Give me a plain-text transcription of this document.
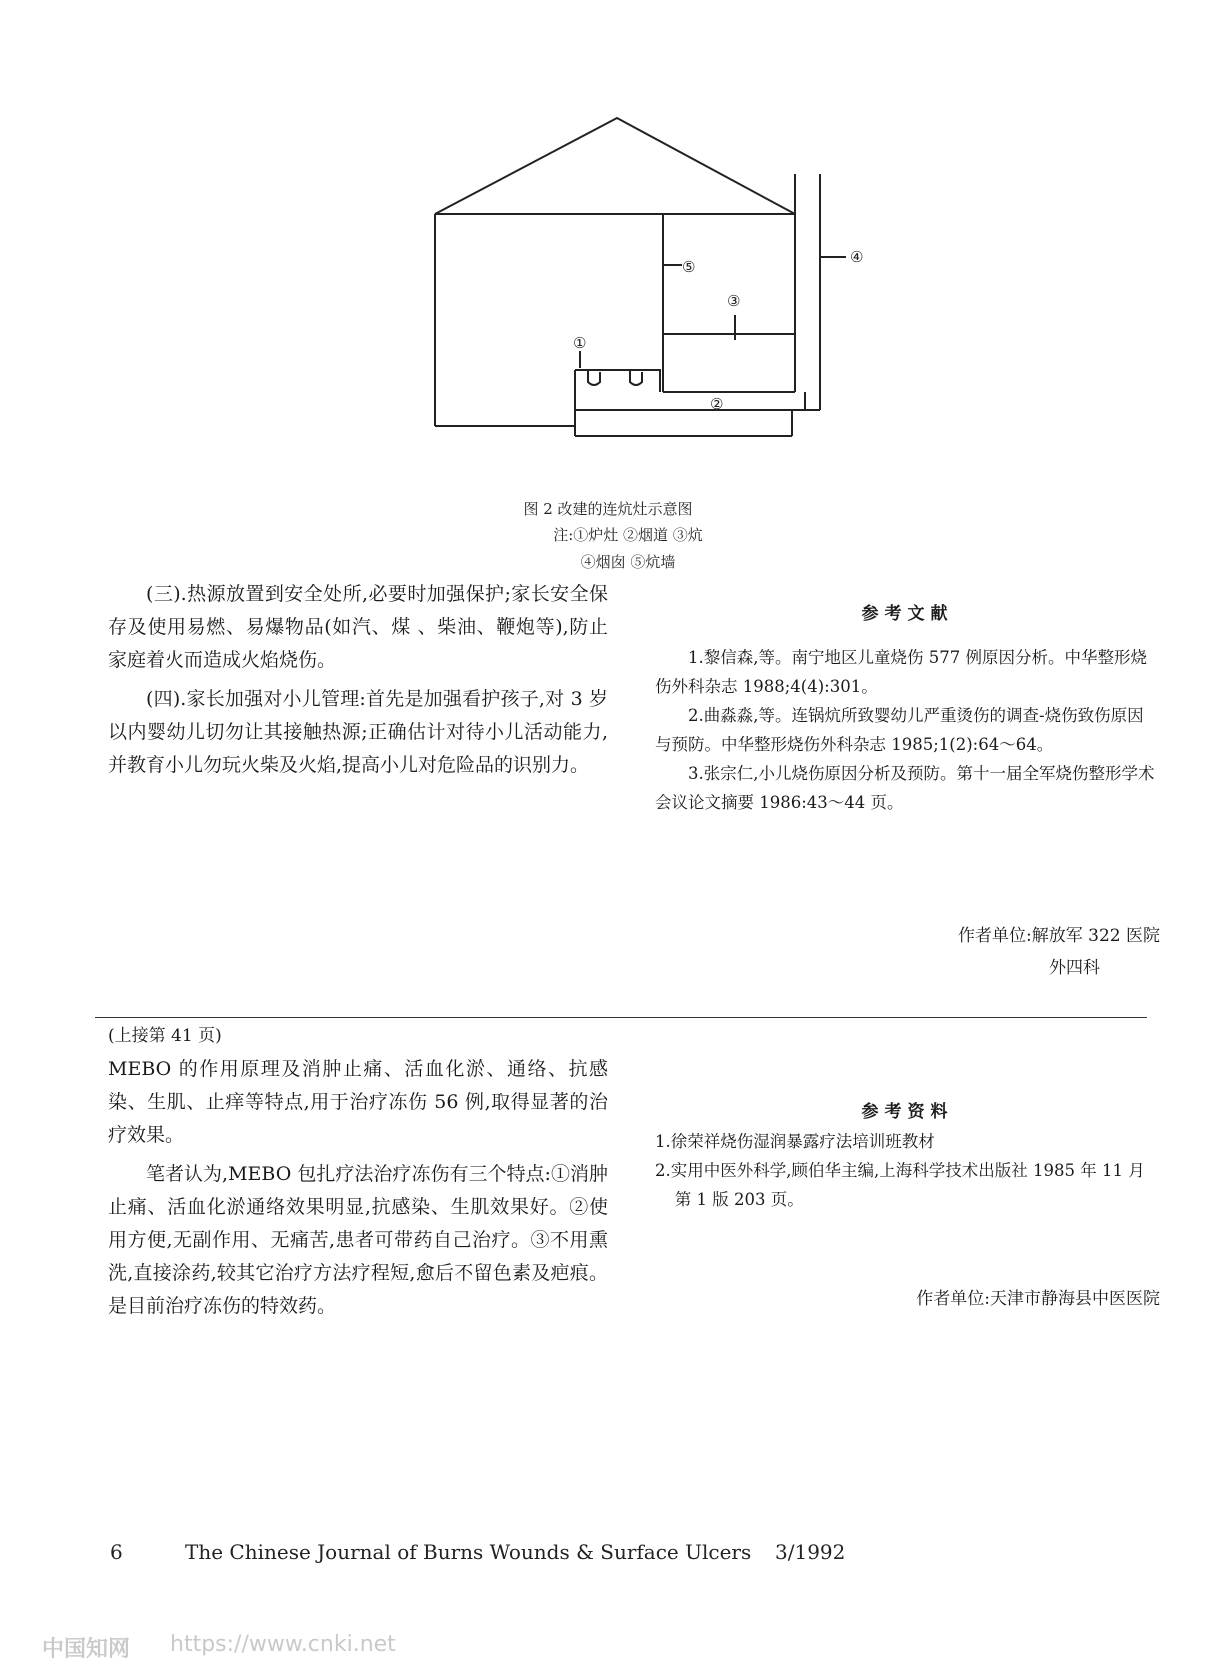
④
⑤
③
①
②
图 2 改建的连炕灶示意图
注:①炉灶 ②烟道 ③炕
④烟囱 ⑤炕墙

(三).热源放置到安全处所,必要时加强保护;家长安全保存及使用易燃、易爆物品(如汽、煤 、柴油、鞭炮等),防止家庭着火而造成火焰烧伤。

(四).家长加强对小儿管理:首先是加强看护孩子,对 3 岁以内婴幼儿切勿让其接触热源;正确估计对待小儿活动能力,并教育小儿勿玩火柴及火焰,提高小儿对危险品的识别力。

参考文献

1.黎信森,等。南宁地区儿童烧伤 577 例原因分析。中华整形烧伤外科杂志 1988;4(4):301。

2.曲淼淼,等。连锅炕所致婴幼儿严重烫伤的调查-烧伤致伤原因与预防。中华整形烧伤外科杂志 1985;1(2):64～64。

3.张宗仁,小儿烧伤原因分析及预防。第十一届全军烧伤整形学术会议论文摘要 1986:43～44 页。

作者单位:解放军 322 医院
外四科

(上接第 41 页)

MEBO 的作用原理及消肿止痛、活血化淤、通络、抗感染、生肌、止痒等特点,用于治疗冻伤 56 例,取得显著的治疗效果。

笔者认为,MEBO 包扎疗法治疗冻伤有三个特点:①消肿止痛、活血化淤通络效果明显,抗感染、生肌效果好。②使用方便,无副作用、无痛苦,患者可带药自己治疗。③不用熏洗,直接涂药,较其它治疗方法疗程短,愈后不留色素及疤痕。是目前治疗冻伤的特效药。

参考资料

1.徐荣祥烧伤湿润暴露疗法培训班教材

2.实用中医外科学,顾伯华主编,上海科学技术出版社 1985 年 11 月第 1 版 203 页。

作者单位:天津市静海县中医医院
6	The Chinese Journal of Burns Wounds & Surface Ulcers 3/1992
中国知网 https://www.cnki.net
